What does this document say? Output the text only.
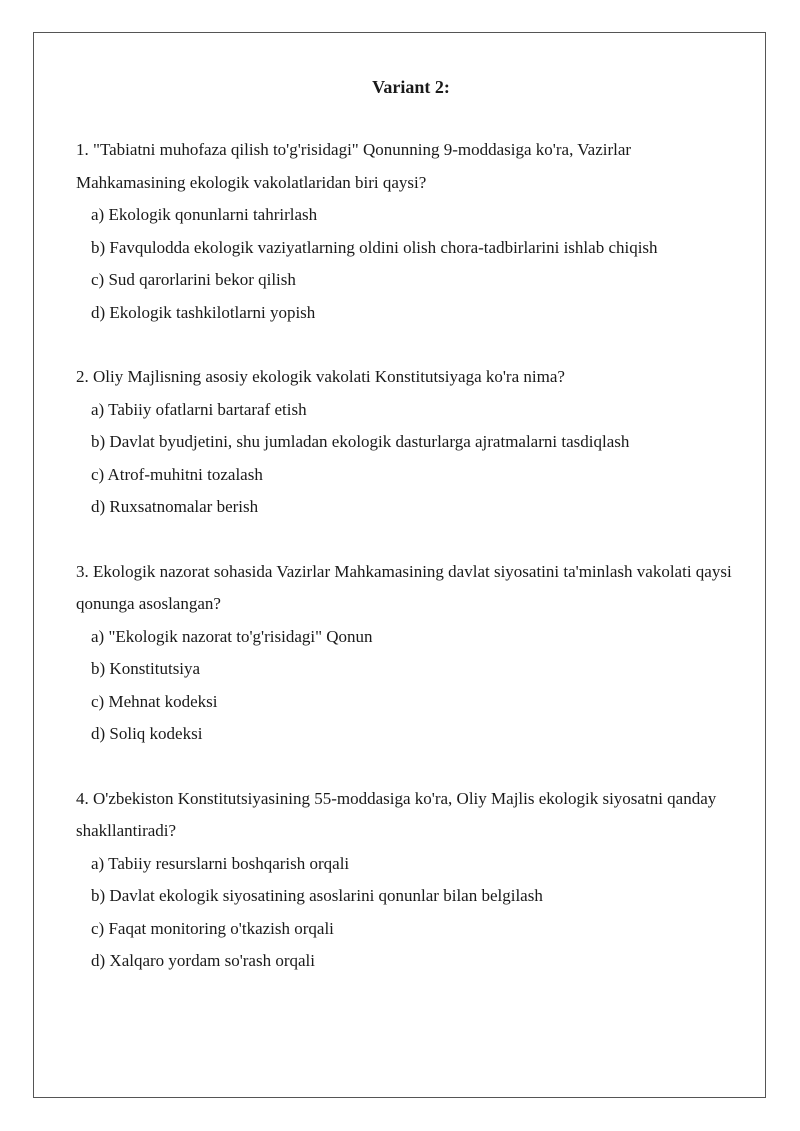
Variant 2:

1. "Tabiatni muhofaza qilish to'g'risidagi" Qonunning 9-moddasiga ko'ra, Vazirlar Mahkamasining ekologik vakolatlaridan biri qaysi?

a) Ekologik qonunlarni tahrirlash

b) Favqulodda ekologik vaziyatlarning oldini olish chora-tadbirlarini ishlab chiqish

c) Sud qarorlarini bekor qilish

d) Ekologik tashkilotlarni yopish

2. Oliy Majlisning asosiy ekologik vakolati Konstitutsiyaga ko'ra nima?

a) Tabiiy ofatlarni bartaraf etish

b) Davlat byudjetini, shu jumladan ekologik dasturlarga ajratmalarni tasdiqlash

c) Atrof-muhitni tozalash

d) Ruxsatnomalar berish

3. Ekologik nazorat sohasida Vazirlar Mahkamasining davlat siyosatini ta'minlash vakolati qaysi qonunga asoslangan?

a) "Ekologik nazorat to'g'risidagi" Qonun

b) Konstitutsiya

c) Mehnat kodeksi

d) Soliq kodeksi

4. O'zbekiston Konstitutsiyasining 55-moddasiga ko'ra, Oliy Majlis ekologik siyosatni qanday shakllantiradi?

a) Tabiiy resurslarni boshqarish orqali

b) Davlat ekologik siyosatining asoslarini qonunlar bilan belgilash

c) Faqat monitoring o'tkazish orqali

d) Xalqaro yordam so'rash orqali
